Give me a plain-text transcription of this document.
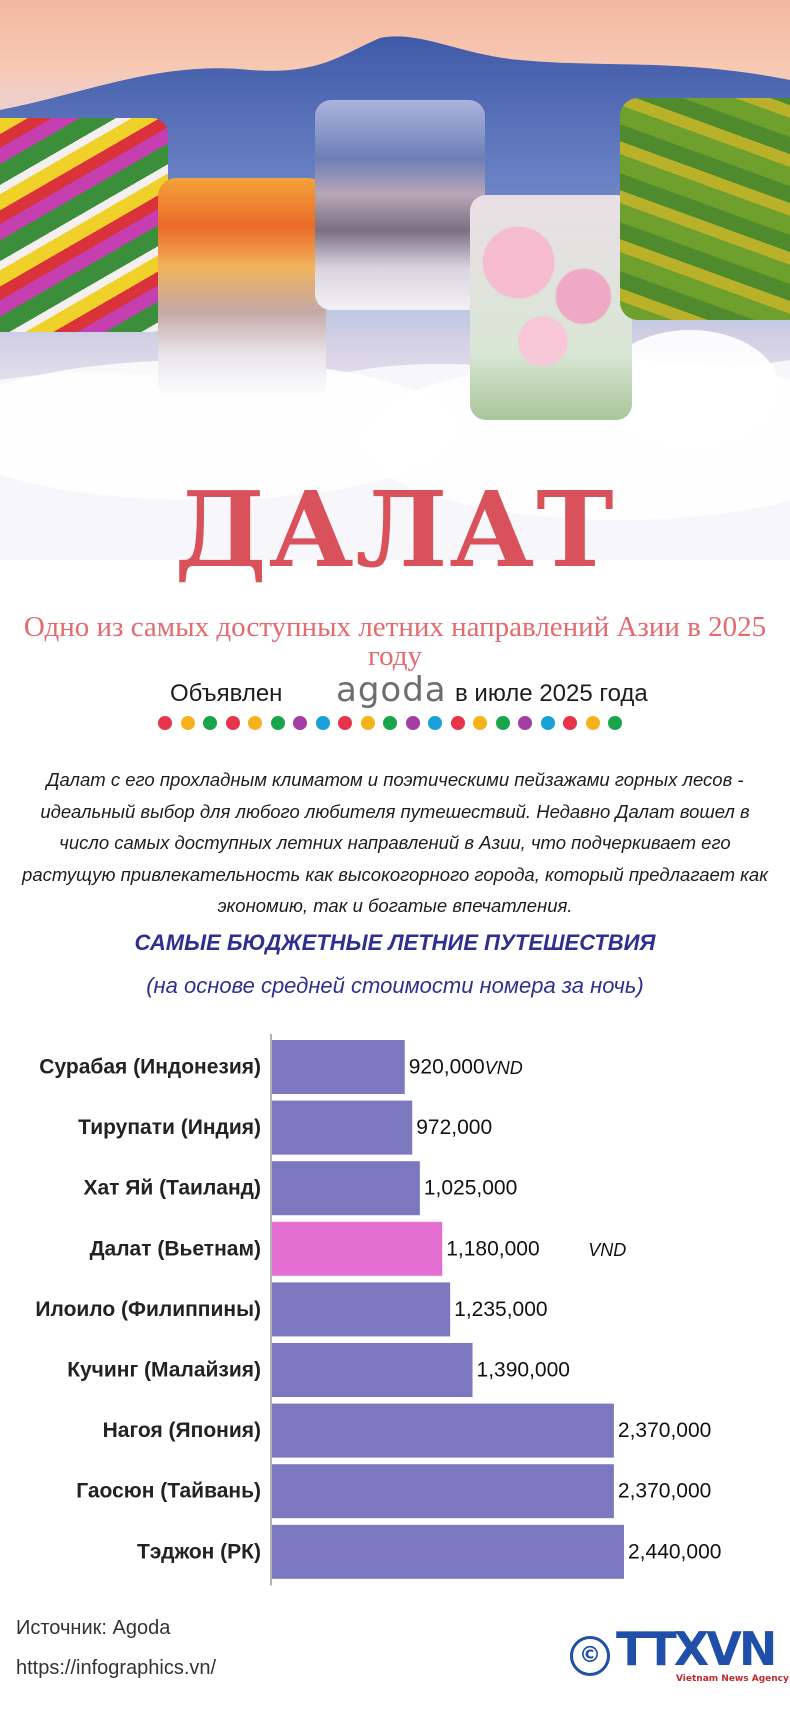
ДАЛАТ
Одно из самых доступных летних направлений Азии в 2025 году
Объявлен agoda в июле 2025 года
Далат с его прохладным климатом и поэтическими пейзажами горных лесов - идеальный выбор для любого любителя путешествий. Недавно Далат вошел в число самых доступных летних направлений в Азии, что подчеркивает его растущую привлекательность как высокогорного города, который предлагает как экономию, так и богатые впечатления.
САМЫЕ БЮДЖЕТНЫЕ ЛЕТНИЕ ПУТЕШЕСТВИЯ
(на основе средней стоимости номера за ночь)
Сурабая (Индонезия)	920,000 VND
Тирупати (Индия)	972,000
Хат Яй (Таиланд)	1,025,000
Далат (Вьетнам)	1,180,000	VND
Илоило (Филиппины)	1,235,000
Кучинг (Малайзия)	1,390,000
Нагоя (Япония)	2,370,000
Гаосюн (Тайвань)	2,370,000
Тэджон (РК)	2,440,000
Источник: Agoda
https://infographics.vn/	© TTXVN
Vietnam News Agency
